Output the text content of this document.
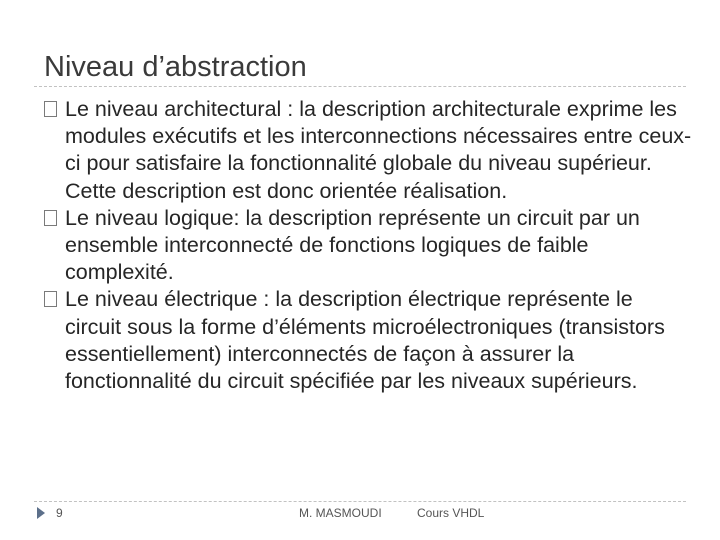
Niveau d’abstraction

Le niveau architectural : la description architecturale exprime les modules exécutifs et les interconnections nécessaires entre ceux-ci pour satisfaire la fonctionnalité globale du niveau supérieur. Cette description est donc orientée réalisation.

Le niveau logique: la description représente un circuit par un ensemble interconnecté de fonctions logiques de faible complexité.

Le niveau électrique : la description électrique représente le circuit sous la forme d’éléments microélectroniques (transistors essentiellement) interconnectés de façon à assurer la fonctionnalité du circuit spécifiée par les niveaux supérieurs.

9	M. MASMOUDI	Cours VHDL
